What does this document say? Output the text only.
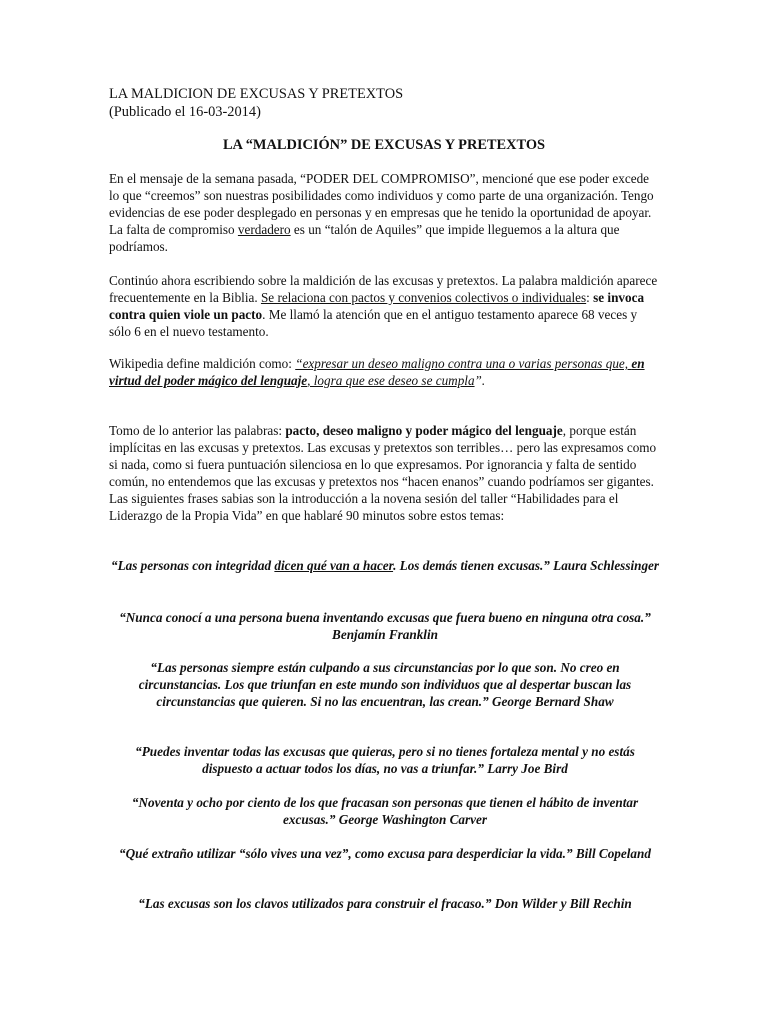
LA MALDICION DE EXCUSAS Y PRETEXTOS
(Publicado el 16-03-2014)
LA “MALDICIÓN” DE EXCUSAS Y PRETEXTOS

En el mensaje de la semana pasada, “PODER DEL COMPROMISO”, mencioné que ese poder excede lo que “creemos” son nuestras posibilidades como individuos y como parte de una organización. Tengo evidencias de ese poder desplegado en personas y en empresas que he tenido la oportunidad de apoyar. La falta de compromiso verdadero es un “talón de Aquiles” que impide lleguemos a la altura que podríamos.

Continúo ahora escribiendo sobre la maldición de las excusas y pretextos. La palabra maldición aparece frecuentemente en la Biblia. Se relaciona con pactos y convenios colectivos o individuales: se invoca contra quien viole un pacto. Me llamó la atención que en el antiguo testamento aparece 68 veces y sólo 6 en el nuevo testamento.

Wikipedia define maldición como: “expresar un deseo maligno contra una o varias personas que, en virtud del poder mágico del lenguaje, logra que ese deseo se cumpla”.

Tomo de lo anterior las palabras: pacto, deseo maligno y poder mágico del lenguaje, porque están implícitas en las excusas y pretextos. Las excusas y pretextos son terribles… pero las expresamos como si nada, como si fuera puntuación silenciosa en lo que expresamos. Por ignorancia y falta de sentido común, no entendemos que las excusas y pretextos nos “hacen enanos” cuando podríamos ser gigantes. Las siguientes frases sabias son la introducción a la novena sesión del taller “Habilidades para el Liderazgo de la Propia Vida” en que hablaré 90 minutos sobre estos temas:

“Las personas con integridad dicen qué van a hacer. Los demás tienen excusas.” Laura Schlessinger

“Nunca conocí a una persona buena inventando excusas que fuera bueno en ninguna otra cosa.” Benjamín Franklin

“Las personas siempre están culpando a sus circunstancias por lo que son. No creo en circunstancias. Los que triunfan en este mundo son individuos que al despertar buscan las circunstancias que quieren. Si no las encuentran, las crean.” George Bernard Shaw

“Puedes inventar todas las excusas que quieras, pero si no tienes fortaleza mental y no estás dispuesto a actuar todos los días, no vas a triunfar.” Larry Joe Bird

“Noventa y ocho por ciento de los que fracasan son personas que tienen el hábito de inventar excusas.” George Washington Carver

“Qué extraño utilizar “sólo vives una vez”, como excusa para desperdiciar la vida.” Bill Copeland

“Las excusas son los clavos utilizados para construir el fracaso.” Don Wilder y Bill Rechin
